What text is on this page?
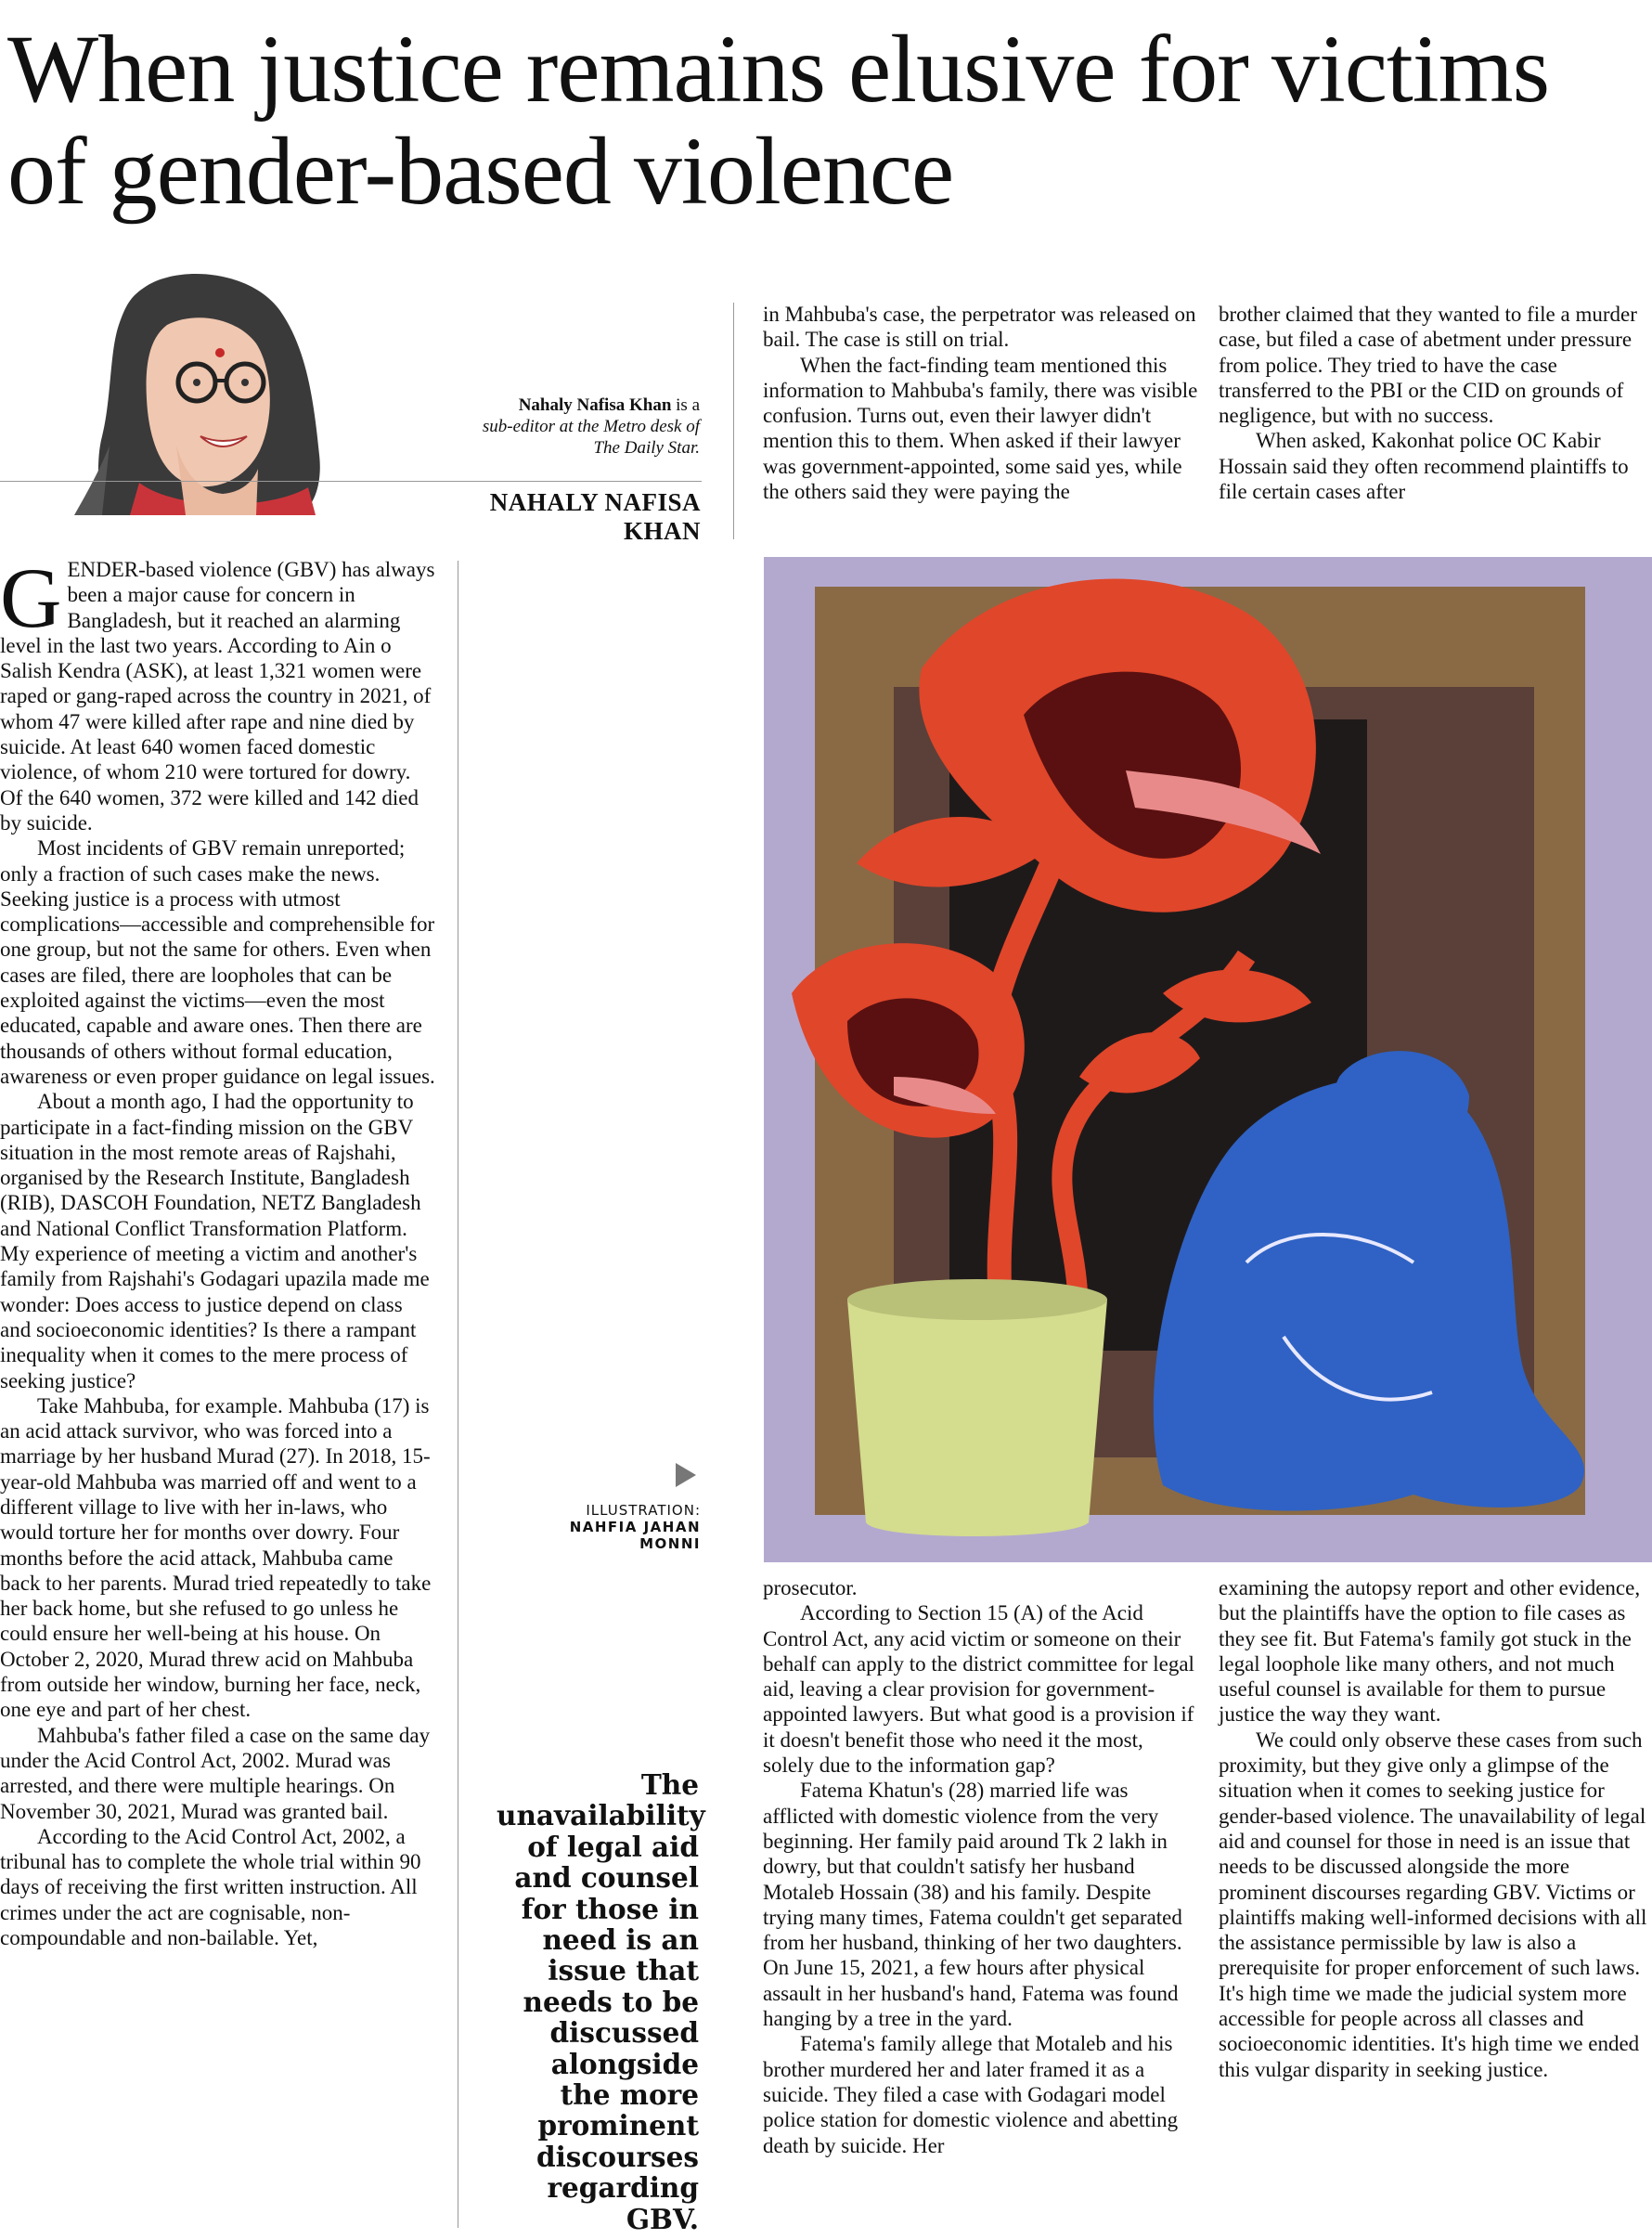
When justice remains elusive for victims of gender-based violence
Nahaly Nafisa Khan is a
sub-editor at the Metro desk of
The Daily Star.
NAHALY NAFISA KHAN

GENDER-based violence (GBV) has always been a major cause for concern in Bangladesh, but it reached an alarming level in the last two years. According to Ain o Salish Kendra (ASK), at least 1,321 women were raped or gang-raped across the country in 2021, of whom 47 were killed after rape and nine died by suicide. At least 640 women faced domestic violence, of whom 210 were tortured for dowry. Of the 640 women, 372 were killed and 142 died by suicide.

Most incidents of GBV remain unreported; only a fraction of such cases make the news. Seeking justice is a process with utmost complications—accessible and comprehensible for one group, but not the same for others. Even when cases are filed, there are loopholes that can be exploited against the victims—even the most educated, capable and aware ones. Then there are thousands of others without formal education, awareness or even proper guidance on legal issues.

About a month ago, I had the opportunity to participate in a fact-finding mission on the GBV situation in the most remote areas of Rajshahi, organised by the Research Institute, Bangladesh (RIB), DASCOH Foundation, NETZ Bangladesh and National Conflict Transformation Platform. My experience of meeting a victim and another's family from Rajshahi's Godagari upazila made me wonder: Does access to justice depend on class and socioeconomic identities? Is there a rampant inequality when it comes to the mere process of seeking justice?

Take Mahbuba, for example. Mahbuba (17) is an acid attack survivor, who was forced into a marriage by her husband Murad (27). In 2018, 15-year-old Mahbuba was married off and went to a different village to live with her in-laws, who would torture her for months over dowry. Four months before the acid attack, Mahbuba came back to her parents. Murad tried repeatedly to take her back home, but she refused to go unless he could ensure her well-being at his house. On October 2, 2020, Murad threw acid on Mahbuba from outside her window, burning her face, neck, one eye and part of her chest.

Mahbuba's father filed a case on the same day under the Acid Control Act, 2002. Murad was arrested, and there were multiple hearings. On November 30, 2021, Murad was granted bail.

According to the Acid Control Act, 2002, a tribunal has to complete the whole trial within 90 days of receiving the first written instruction. All crimes under the act are cognisable, non-compoundable and non-bailable. Yet,

in Mahbuba's case, the perpetrator was released on bail. The case is still on trial.

When the fact-finding team mentioned this information to Mahbuba's family, there was visible confusion. Turns out, even their lawyer didn't mention this to them. When asked if their lawyer was government-appointed, some said yes, while the others said they were paying the

brother claimed that they wanted to file a murder case, but filed a case of abetment under pressure from police. They tried to have the case transferred to the PBI or the CID on grounds of negligence, but with no success.

When asked, Kakonhat police OC Kabir Hossain said they often recommend plaintiffs to file certain cases after

ILLUSTRATION:
NAHFIA JAHAN
MONNI
The unavailability of legal aid and counsel for those in need is an issue that needs to be discussed alongside the more prominent discourses regarding GBV.

prosecutor.

According to Section 15 (A) of the Acid Control Act, any acid victim or someone on their behalf can apply to the district committee for legal aid, leaving a clear provision for government-appointed lawyers. But what good is a provision if it doesn't benefit those who need it the most, solely due to the information gap?

Fatema Khatun's (28) married life was afflicted with domestic violence from the very beginning. Her family paid around Tk 2 lakh in dowry, but that couldn't satisfy her husband Motaleb Hossain (38) and his family. Despite trying many times, Fatema couldn't get separated from her husband, thinking of her two daughters. On June 15, 2021, a few hours after physical assault in her husband's hand, Fatema was found hanging by a tree in the yard.

Fatema's family allege that Motaleb and his brother murdered her and later framed it as a suicide. They filed a case with Godagari model police station for domestic violence and abetting death by suicide. Her

examining the autopsy report and other evidence, but the plaintiffs have the option to file cases as they see fit. But Fatema's family got stuck in the legal loophole like many others, and not much useful counsel is available for them to pursue justice the way they want.

We could only observe these cases from such proximity, but they give only a glimpse of the situation when it comes to seeking justice for gender-based violence. The unavailability of legal aid and counsel for those in need is an issue that needs to be discussed alongside the more prominent discourses regarding GBV. Victims or plaintiffs making well-informed decisions with all the assistance permissible by law is also a prerequisite for proper enforcement of such laws. It's high time we made the judicial system more accessible for people across all classes and socioeconomic identities. It's high time we ended this vulgar disparity in seeking justice.
